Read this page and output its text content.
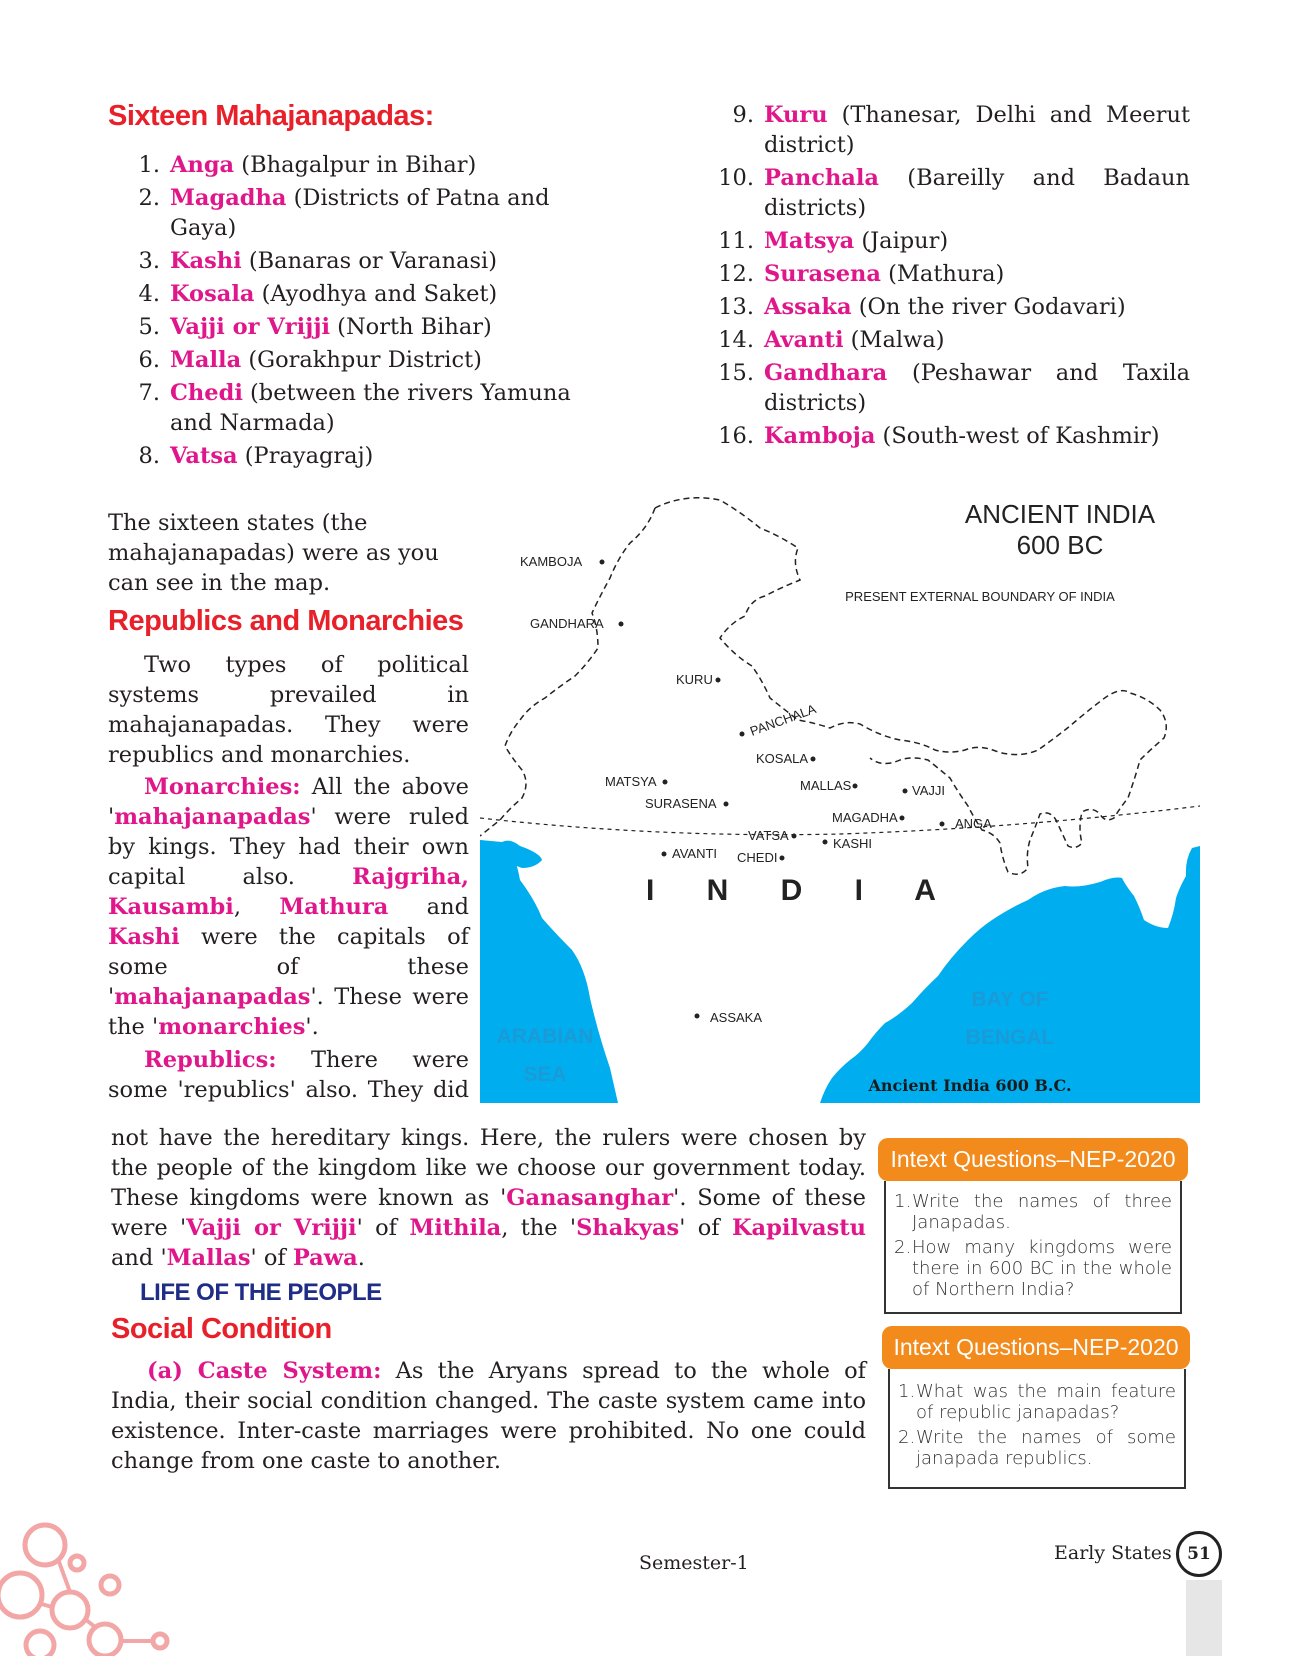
Sixteen Mahajanapadas:
1. Anga (Bhagalpur in Bihar)
2. Magadha (Districts of Patna and Gaya)
3. Kashi (Banaras or Varanasi)
4. Kosala (Ayodhya and Saket)
5. Vajji or Vrijji (North Bihar)
6. Malla (Gorakhpur District)
7. Chedi (between the rivers Yamuna and Narmada)
8. Vatsa (Prayagraj)
9. Kuru (Thanesar, Delhi and Meerut district)
10. Panchala (Bareilly and Badaun districts)
11. Matsya (Jaipur)
12. Surasena (Mathura)
13. Assaka (On the river Godavari)
14. Avanti (Malwa)
15. Gandhara (Peshawar and Taxila districts)
16. Kamboja (South-west of Kashmir)

The sixteen states (the mahajanapadas) were as you can see in the map.

Republics and Monarchies

Two types of political systems prevailed in mahajanapadas. They were republics and monarchies.

Monarchies: All the above 'mahajanapadas' were ruled by kings. They had their own capital also. Rajgriha, Kausambi, Mathura and Kashi were the capitals of some of these 'mahajanapadas'. These were the 'monarchies'.

Republics: There were some 'republics' also. They did

ANCIENT INDIA
600 BC
PRESENT EXTERNAL BOUNDARY OF INDIA
KAMBOJA
GANDHARA
KURU
PANCHALA
KOSALA
MATSYA
SURASENA
MALLAS	VAJJI
MAGADHA	ANGA
VATSA
KASHI
AVANTI CHEDI
ASSAKA
I N D I A
ARABIAN
SEA
BAY OF
BENGAL
Ancient India 600 B.C.

not have the hereditary kings. Here, the rulers were chosen by the people of the kingdom like we choose our government today. These kingdoms were known as 'Ganasanghar'. Some of these were 'Vajji or Vrijji' of Mithila, the 'Shakyas' of Kapilvastu and 'Mallas' of Pawa.

LIFE OF THE PEOPLE
Social Condition

(a) Caste System: As the Aryans spread to the whole of India, their social condition changed. The caste system came into existence. Inter-caste marriages were prohibited. No one could change from one caste to another.

Intext Questions–NEP-2020
1. Write the names of three Janapadas.
2. How many kingdoms were there in 600 BC in the whole of Northern India?
Intext Questions–NEP-2020
1. What was the main feature of republic janapadas?
2. Write the names of some janapada republics.
Semester-1	Early States 51
